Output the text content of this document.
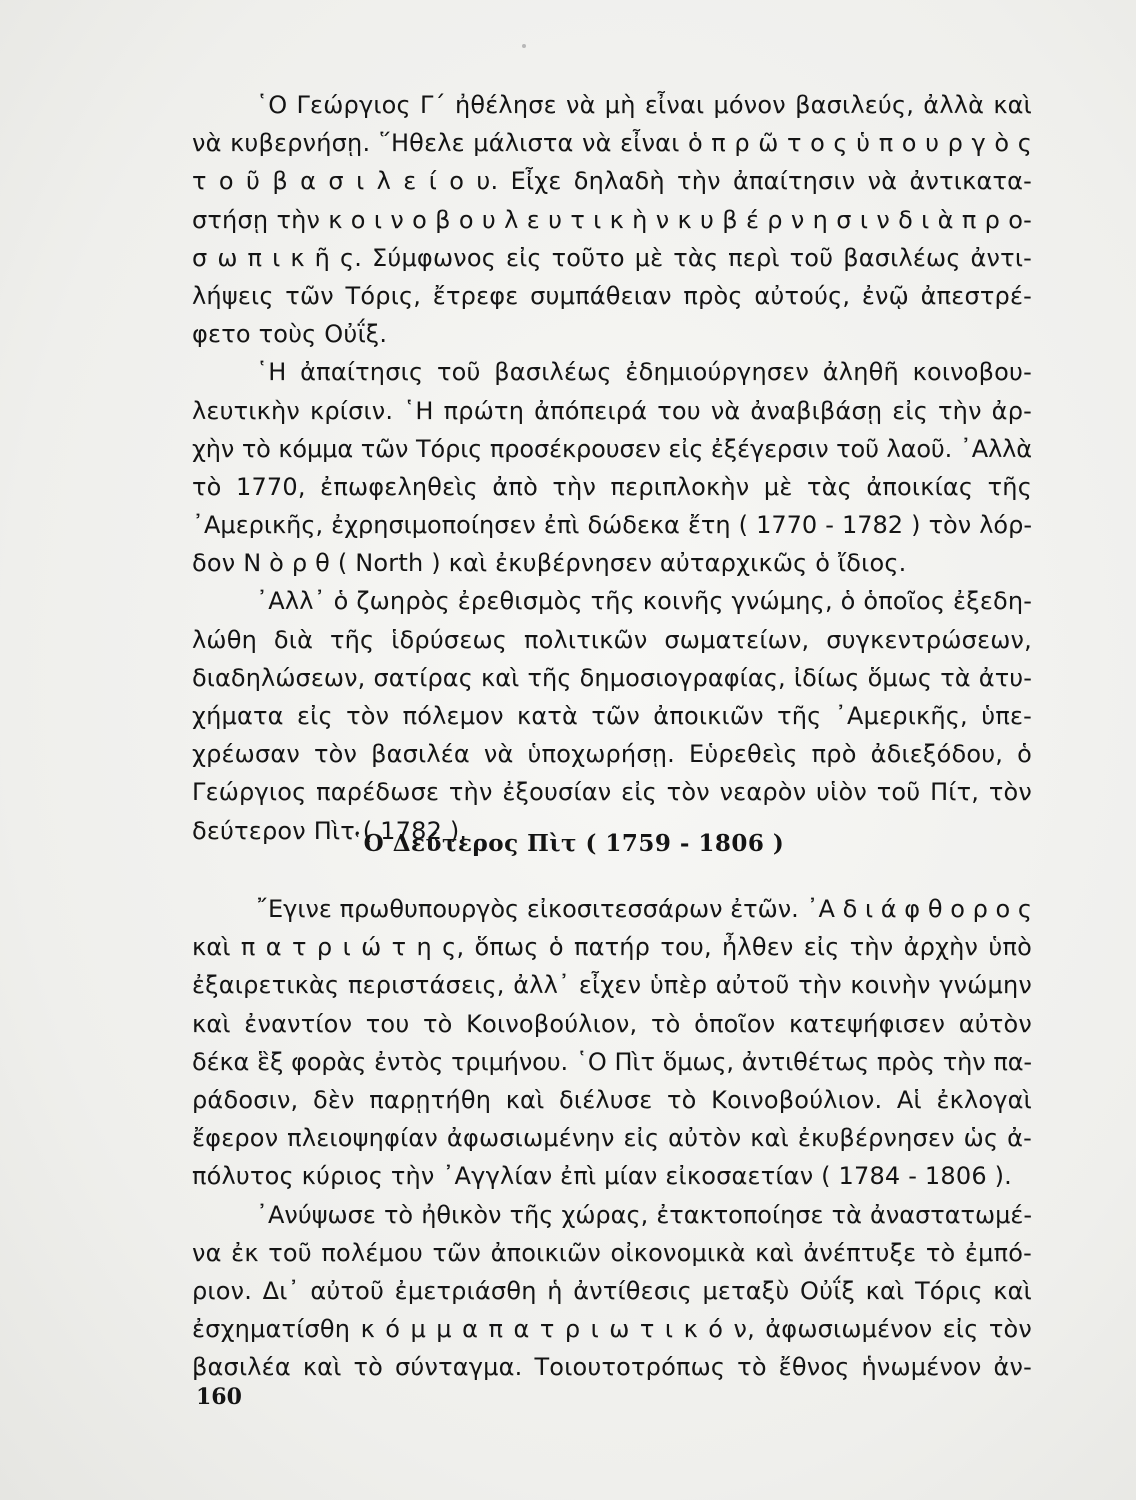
῾Ο Γεώργιος Γ΄ ἠθέλησε νὰ μὴ εἶναι μόνον βασιλεύς, ἀλλὰ καὶ
νὰ κυβερνήσῃ. ῞Ηθελε μάλιστα νὰ εἶναι ὁ π ρ ῶ τ ο ς ὑ π ο υ ρ γ ὸ ς
τ ο ῦ β α σ ι λ ε ί ο υ. Εἶχε δηλαδὴ τὴν ἀπαίτησιν νὰ ἀντικατα-
στήσῃ τὴν κ ο ι ν ο β ο υ λ ε υ τ ι κ ὴ ν κ υ β έ ρ ν η σ ι ν δ ι ὰ π ρ ο-
σ ω π ι κ ῆ ς. Σύμφωνος εἰς τοῦτο μὲ τὰς περὶ τοῦ βασιλέως ἀντι-
λήψεις τῶν Τόρις, ἔτρεφε συμπάθειαν πρὸς αὐτούς, ἐνῷ ἀπεστρέ-
φετο τοὺς Οὐΐξ.
῾Η ἀπαίτησις τοῦ βασιλέως ἐδημιούργησεν ἀληθῆ κοινοβου-
λευτικὴν κρίσιν. ῾Η πρώτη ἀπόπειρά του νὰ ἀναβιβάσῃ εἰς τὴν ἀρ-
χὴν τὸ κόμμα τῶν Τόρις προσέκρουσεν εἰς ἐξέγερσιν τοῦ λαοῦ. ᾿Αλλὰ
τὸ 1770, ἐπωφεληθεὶς ἀπὸ τὴν περιπλοκὴν μὲ τὰς ἀποικίας τῆς
᾿Αμερικῆς, ἐχρησιμοποίησεν ἐπὶ δώδεκα ἔτη ( 1770 - 1782 ) τὸν λόρ-
δον Ν ὸ ρ θ ( North ) καὶ ἐκυβέρνησεν αὐταρχικῶς ὁ ἴδιος.
᾿Αλλ᾿ ὁ ζωηρὸς ἐρεθισμὸς τῆς κοινῆς γνώμης, ὁ ὁποῖος ἐξεδη-
λώθη διὰ τῆς ἱδρύσεως πολιτικῶν σωματείων, συγκεντρώσεων,
διαδηλώσεων, σατίρας καὶ τῆς δημοσιογραφίας, ἰδίως ὅμως τὰ ἀτυ-
χήματα εἰς τὸν πόλεμον κατὰ τῶν ἀποικιῶν τῆς ᾿Αμερικῆς, ὑπε-
χρέωσαν τὸν βασιλέα νὰ ὑποχωρήσῃ. Εὑρεθεὶς πρὸ ἀδιεξόδου, ὁ
Γεώργιος παρέδωσε τὴν ἐξουσίαν εἰς τὸν νεαρὸν υἱὸν τοῦ Πίτ, τὸν
δεύτερον Πὶτ ( 1782 ).
῾Ο Δεύτερος Πὶτ ( 1759 - 1806 )
῎Εγινε πρωθυπουργὸς εἰκοσιτεσσάρων ἐτῶν. ᾿Α δ ι ά φ θ ο ρ ο ς
καὶ π α τ ρ ι ώ τ η ς, ὅπως ὁ πατήρ του, ἦλθεν εἰς τὴν ἀρχὴν ὑπὸ
ἐξαιρετικὰς περιστάσεις, ἀλλ᾿ εἶχεν ὑπὲρ αὐτοῦ τὴν κοινὴν γνώμην
καὶ ἐναντίον του τὸ Κοινοβούλιον, τὸ ὁποῖον κατεψήφισεν αὐτὸν
δέκα ἓξ φορὰς ἐντὸς τριμήνου. ῾Ο Πὶτ ὅμως, ἀντιθέτως πρὸς τὴν πα-
ράδοσιν, δὲν παρῃτήθη καὶ διέλυσε τὸ Κοινοβούλιον. Αἱ ἐκλογαὶ
ἔφερον πλειοψηφίαν ἀφωσιωμένην εἰς αὐτὸν καὶ ἐκυβέρνησεν ὡς ἀ-
πόλυτος κύριος τὴν ᾿Αγγλίαν ἐπὶ μίαν εἰκοσαετίαν ( 1784 - 1806 ).
᾿Ανύψωσε τὸ ἠθικὸν τῆς χώρας, ἐτακτοποίησε τὰ ἀναστατωμέ-
να ἐκ τοῦ πολέμου τῶν ἀποικιῶν οἰκονομικὰ καὶ ἀνέπτυξε τὸ ἐμπό-
ριον. Δι᾿ αὐτοῦ ἐμετριάσθη ἡ ἀντίθεσις μεταξὺ Οὐΐξ καὶ Τόρις καὶ
ἐσχηματίσθη κ ό μ μ α π α τ ρ ι ω τ ι κ ό ν, ἀφωσιωμένον εἰς τὸν
βασιλέα καὶ τὸ σύνταγμα. Τοιουτοτρόπως τὸ ἔθνος ἡνωμένον ἀν-
160
